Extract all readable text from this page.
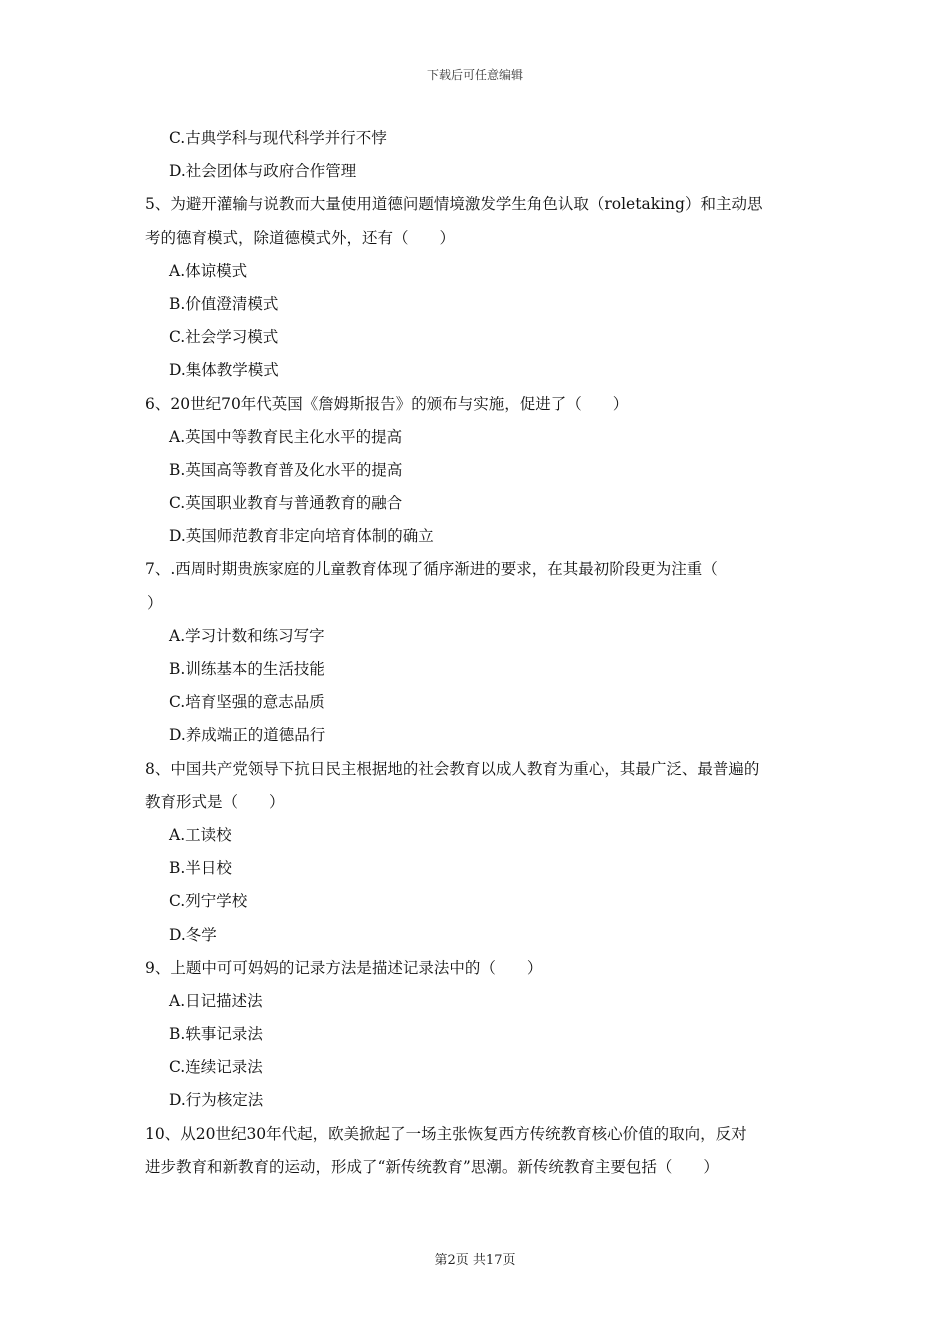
下载后可任意编辑
C.古典学科与现代科学并行不悖
D.社会团体与政府合作管理
5、为避开灌输与说教而大量使用道德问题情境激发学生角色认取（roletaking）和主动思
考的德育模式，除道德模式外，还有（　　）
A.体谅模式
B.价值澄清模式
C.社会学习模式
D.集体教学模式
6、20世纪70年代英国《詹姆斯报告》的颁布与实施，促进了（　　）
A.英国中等教育民主化水平的提高
B.英国高等教育普及化水平的提高
C.英国职业教育与普通教育的融合
D.英国师范教育非定向培育体制的确立
7、.西周时期贵族家庭的儿童教育体现了循序渐进的要求，在其最初阶段更为注重（
）
A.学习计数和练习写字
B.训练基本的生活技能
C.培育坚强的意志品质
D.养成端正的道德品行
8、中国共产党领导下抗日民主根据地的社会教育以成人教育为重心，其最广泛、最普遍的
教育形式是（　　）
A.工读校
B.半日校
C.列宁学校
D.冬学
9、上题中可可妈妈的记录方法是描述记录法中的（　　）
A.日记描述法
B.轶事记录法
C.连续记录法
D.行为核定法
10、从20世纪30年代起，欧美掀起了一场主张恢复西方传统教育核心价值的取向，反对
进步教育和新教育的运动，形成了“新传统教育”思潮。新传统教育主要包括（　　）
第2页 共17页
